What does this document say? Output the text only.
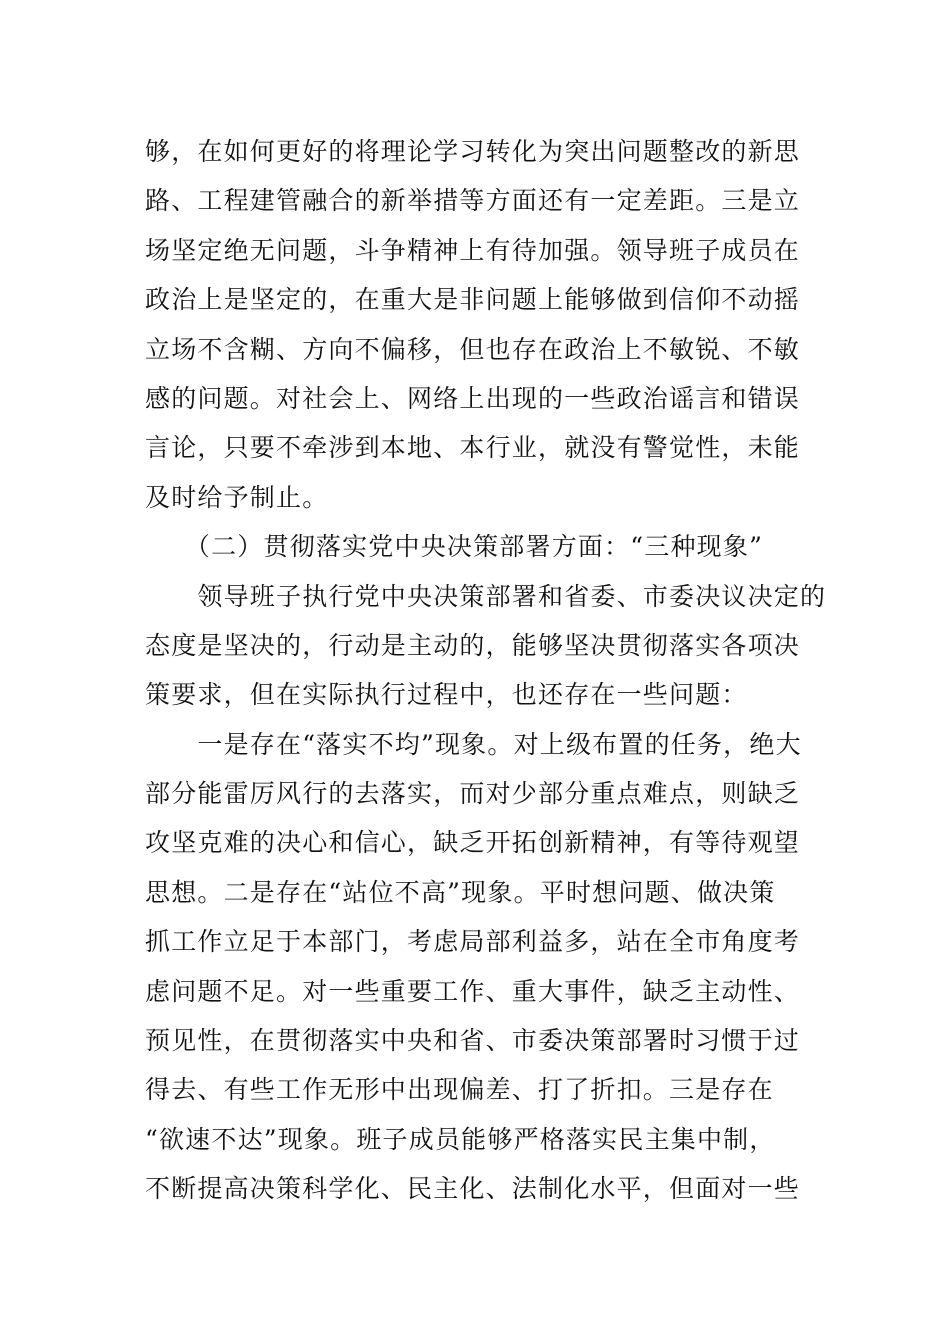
够，在如何更好的将理论学习转化为突出问题整改的新思
路、工程建管融合的新举措等方面还有一定差距。三是立
场坚定绝无问题，斗争精神上有待加强。领导班子成员在
政治上是坚定的，在重大是非问题上能够做到信仰不动摇
立场不含糊、方向不偏移，但也存在政治上不敏锐、不敏
感的问题。对社会上、网络上出现的一些政治谣言和错误
言论，只要不牵涉到本地、本行业，就没有警觉性，未能
及时给予制止。
　　（二）贯彻落实党中央决策部署方面：“三种现象”
　　领导班子执行党中央决策部署和省委、市委决议决定的
态度是坚决的，行动是主动的，能够坚决贯彻落实各项决
策要求，但在实际执行过程中，也还存在一些问题：
　　一是存在“落实不均”现象。对上级布置的任务，绝大
部分能雷厉风行的去落实，而对少部分重点难点，则缺乏
攻坚克难的决心和信心，缺乏开拓创新精神，有等待观望
思想。二是存在“站位不高”现象。平时想问题、做决策
抓工作立足于本部门，考虑局部利益多，站在全市角度考
虑问题不足。对一些重要工作、重大事件，缺乏主动性、
预见性，在贯彻落实中央和省、市委决策部署时习惯于过
得去、有些工作无形中出现偏差、打了折扣。三是存在
“欲速不达”现象。班子成员能够严格落实民主集中制，
不断提高决策科学化、民主化、法制化水平，但面对一些
